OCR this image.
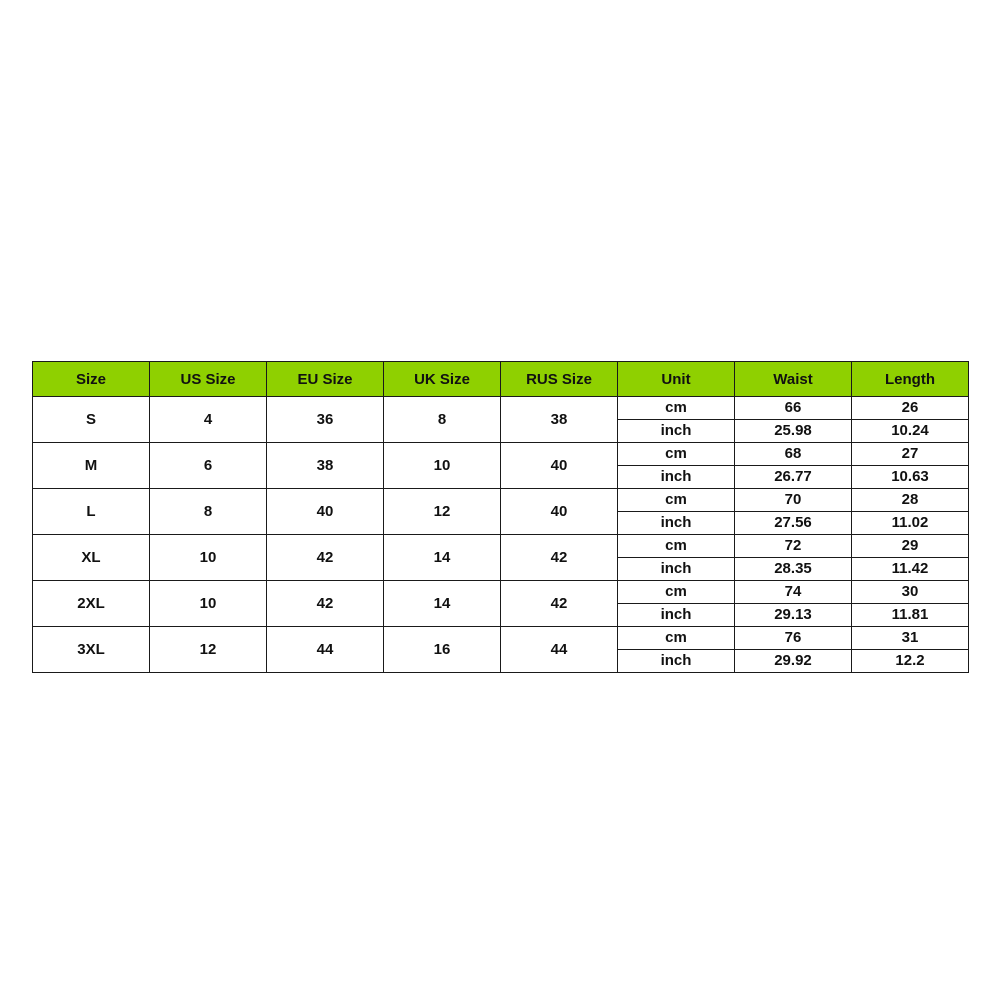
Size	US Size	EU Size	UK Size	RUS Size	Unit	Waist	Length
S	4	36	8	38	cm	66	26
					inch	25.98	10.24
M	6	38	10	40	cm	68	27
					inch	26.77	10.63
L	8	40	12	40	cm	70	28
					inch	27.56	11.02
XL	10	42	14	42	cm	72	29
					inch	28.35	11.42
2XL	10	42	14	42	cm	74	30
					inch	29.13	11.81
3XL	12	44	16	44	cm	76	31
					inch	29.92	12.2
